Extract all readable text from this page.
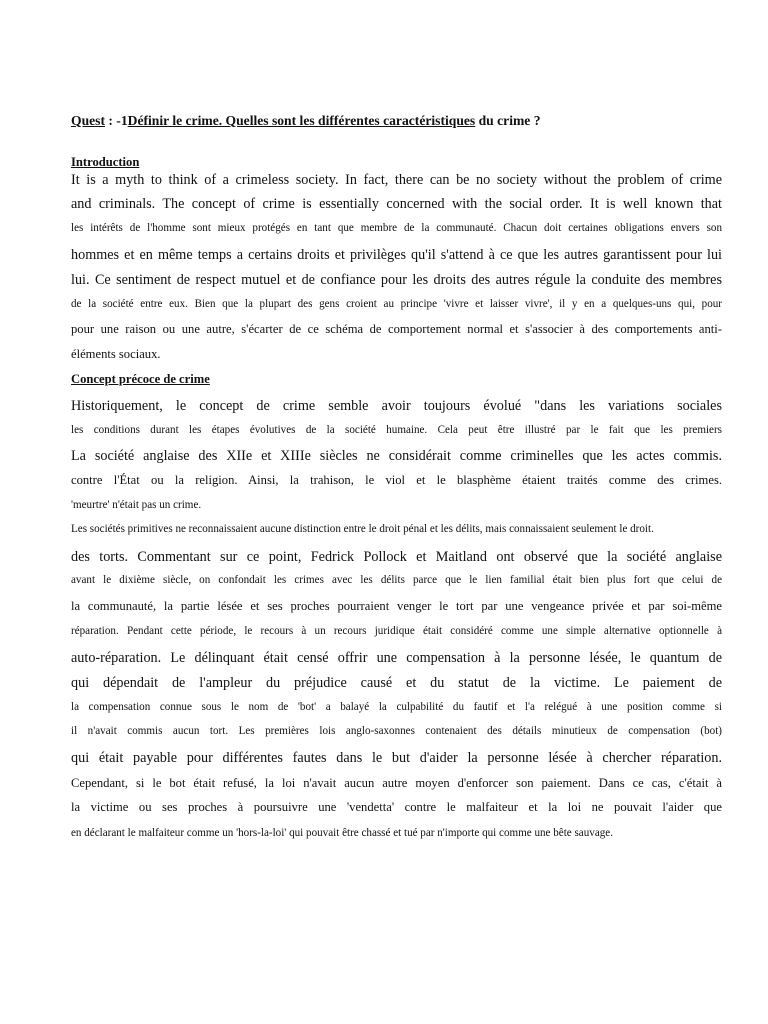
Quest : -1Définir le crime. Quelles sont les différentes caractéristiques du crime ?
Introduction
It is a myth to think of a crimeless society. In fact, there can be no society without the problem of crime
and criminals. The concept of crime is essentially concerned with the social order. It is well known that
les intérêts de l'homme sont mieux protégés en tant que membre de la communauté. Chacun doit certaines obligations envers son
hommes et en même temps a certains droits et privilèges qu'il s'attend à ce que les autres garantissent pour lui
lui. Ce sentiment de respect mutuel et de confiance pour les droits des autres régule la conduite des membres
de la société entre eux. Bien que la plupart des gens croient au principe 'vivre et laisser vivre', il y en a quelques-uns qui, pour
pour une raison ou une autre, s'écarter de ce schéma de comportement normal et s'associer à des comportements anti-
éléments sociaux.
Concept précoce de crime
Historiquement, le concept de crime semble avoir toujours évolué "dans les variations sociales
les conditions durant les étapes évolutives de la société humaine. Cela peut être illustré par le fait que les premiers
La société anglaise des XIIe et XIIIe siècles ne considérait comme criminelles que les actes commis.
contre l'État ou la religion. Ainsi, la trahison, le viol et le blasphème étaient traités comme des crimes.
'meurtre' n'était pas un crime.
Les sociétés primitives ne reconnaissaient aucune distinction entre le droit pénal et les délits, mais connaissaient seulement le droit.
des torts. Commentant sur ce point, Fedrick Pollock et Maitland ont observé que la société anglaise
avant le dixième siècle, on confondait les crimes avec les délits parce que le lien familial était bien plus fort que celui de
la communauté, la partie lésée et ses proches pourraient venger le tort par une vengeance privée et par soi-même
réparation. Pendant cette période, le recours à un recours juridique était considéré comme une simple alternative optionnelle à
auto-réparation. Le délinquant était censé offrir une compensation à la personne lésée, le quantum de
qui dépendait de l'ampleur du préjudice causé et du statut de la victime. Le paiement de
la compensation connue sous le nom de 'bot' a balayé la culpabilité du fautif et l'a relégué à une position comme si
il n'avait commis aucun tort. Les premières lois anglo-saxonnes contenaient des détails minutieux de compensation (bot)
qui était payable pour différentes fautes dans le but d'aider la personne lésée à chercher réparation.
Cependant, si le bot était refusé, la loi n'avait aucun autre moyen d'enforcer son paiement. Dans ce cas, c'était à
la victime ou ses proches à poursuivre une 'vendetta' contre le malfaiteur et la loi ne pouvait l'aider que
en déclarant le malfaiteur comme un 'hors-la-loi' qui pouvait être chassé et tué par n'importe qui comme une bête sauvage.
